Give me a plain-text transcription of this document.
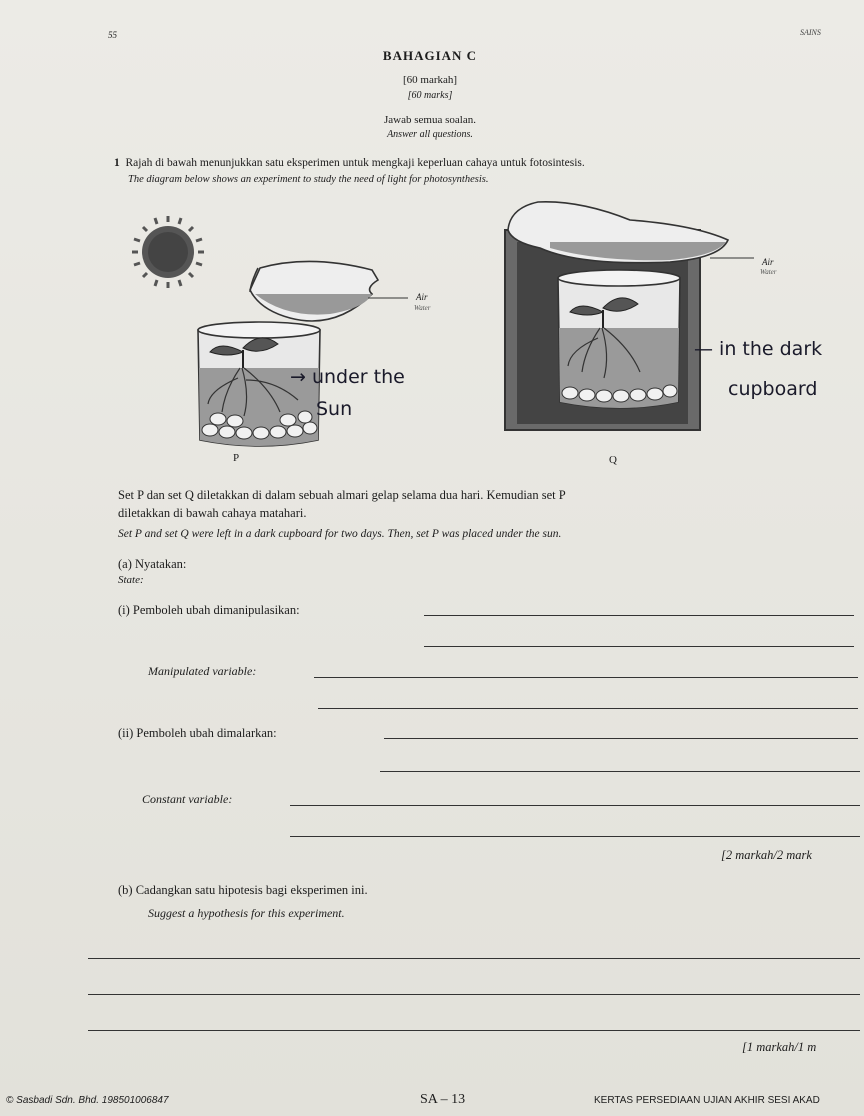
55	SAINS
BAHAGIAN C
[60 markah]
[60 marks]
Jawab semua soalan.
Answer all questions.
1 Rajah di bawah menunjukkan satu eksperimen untuk mengkaji keperluan cahaya untuk fotosintesis.
The diagram below shows an experiment to study the need of light for photosynthesis.
Air
Water
Air
Water
P	Q
→ under the
Sun
— in the dark
cupboard
Set P dan set Q diletakkan di dalam sebuah almari gelap selama dua hari. Kemudian set P
diletakkan di bawah cahaya matahari.
Set P and set Q were left in a dark cupboard for two days. Then, set P was placed under the sun.
(a) Nyatakan:
State:
(i) Pemboleh ubah dimanipulasikan:
Manipulated variable:
(ii) Pemboleh ubah dimalarkan:
Constant variable:
[2 markah/2 mark
(b) Cadangkan satu hipotesis bagi eksperimen ini.
Suggest a hypothesis for this experiment.
[1 markah/1 m
© Sasbadi Sdn. Bhd. 198501006847	SA – 13	KERTAS PERSEDIAAN UJIAN AKHIR SESI AKAD
